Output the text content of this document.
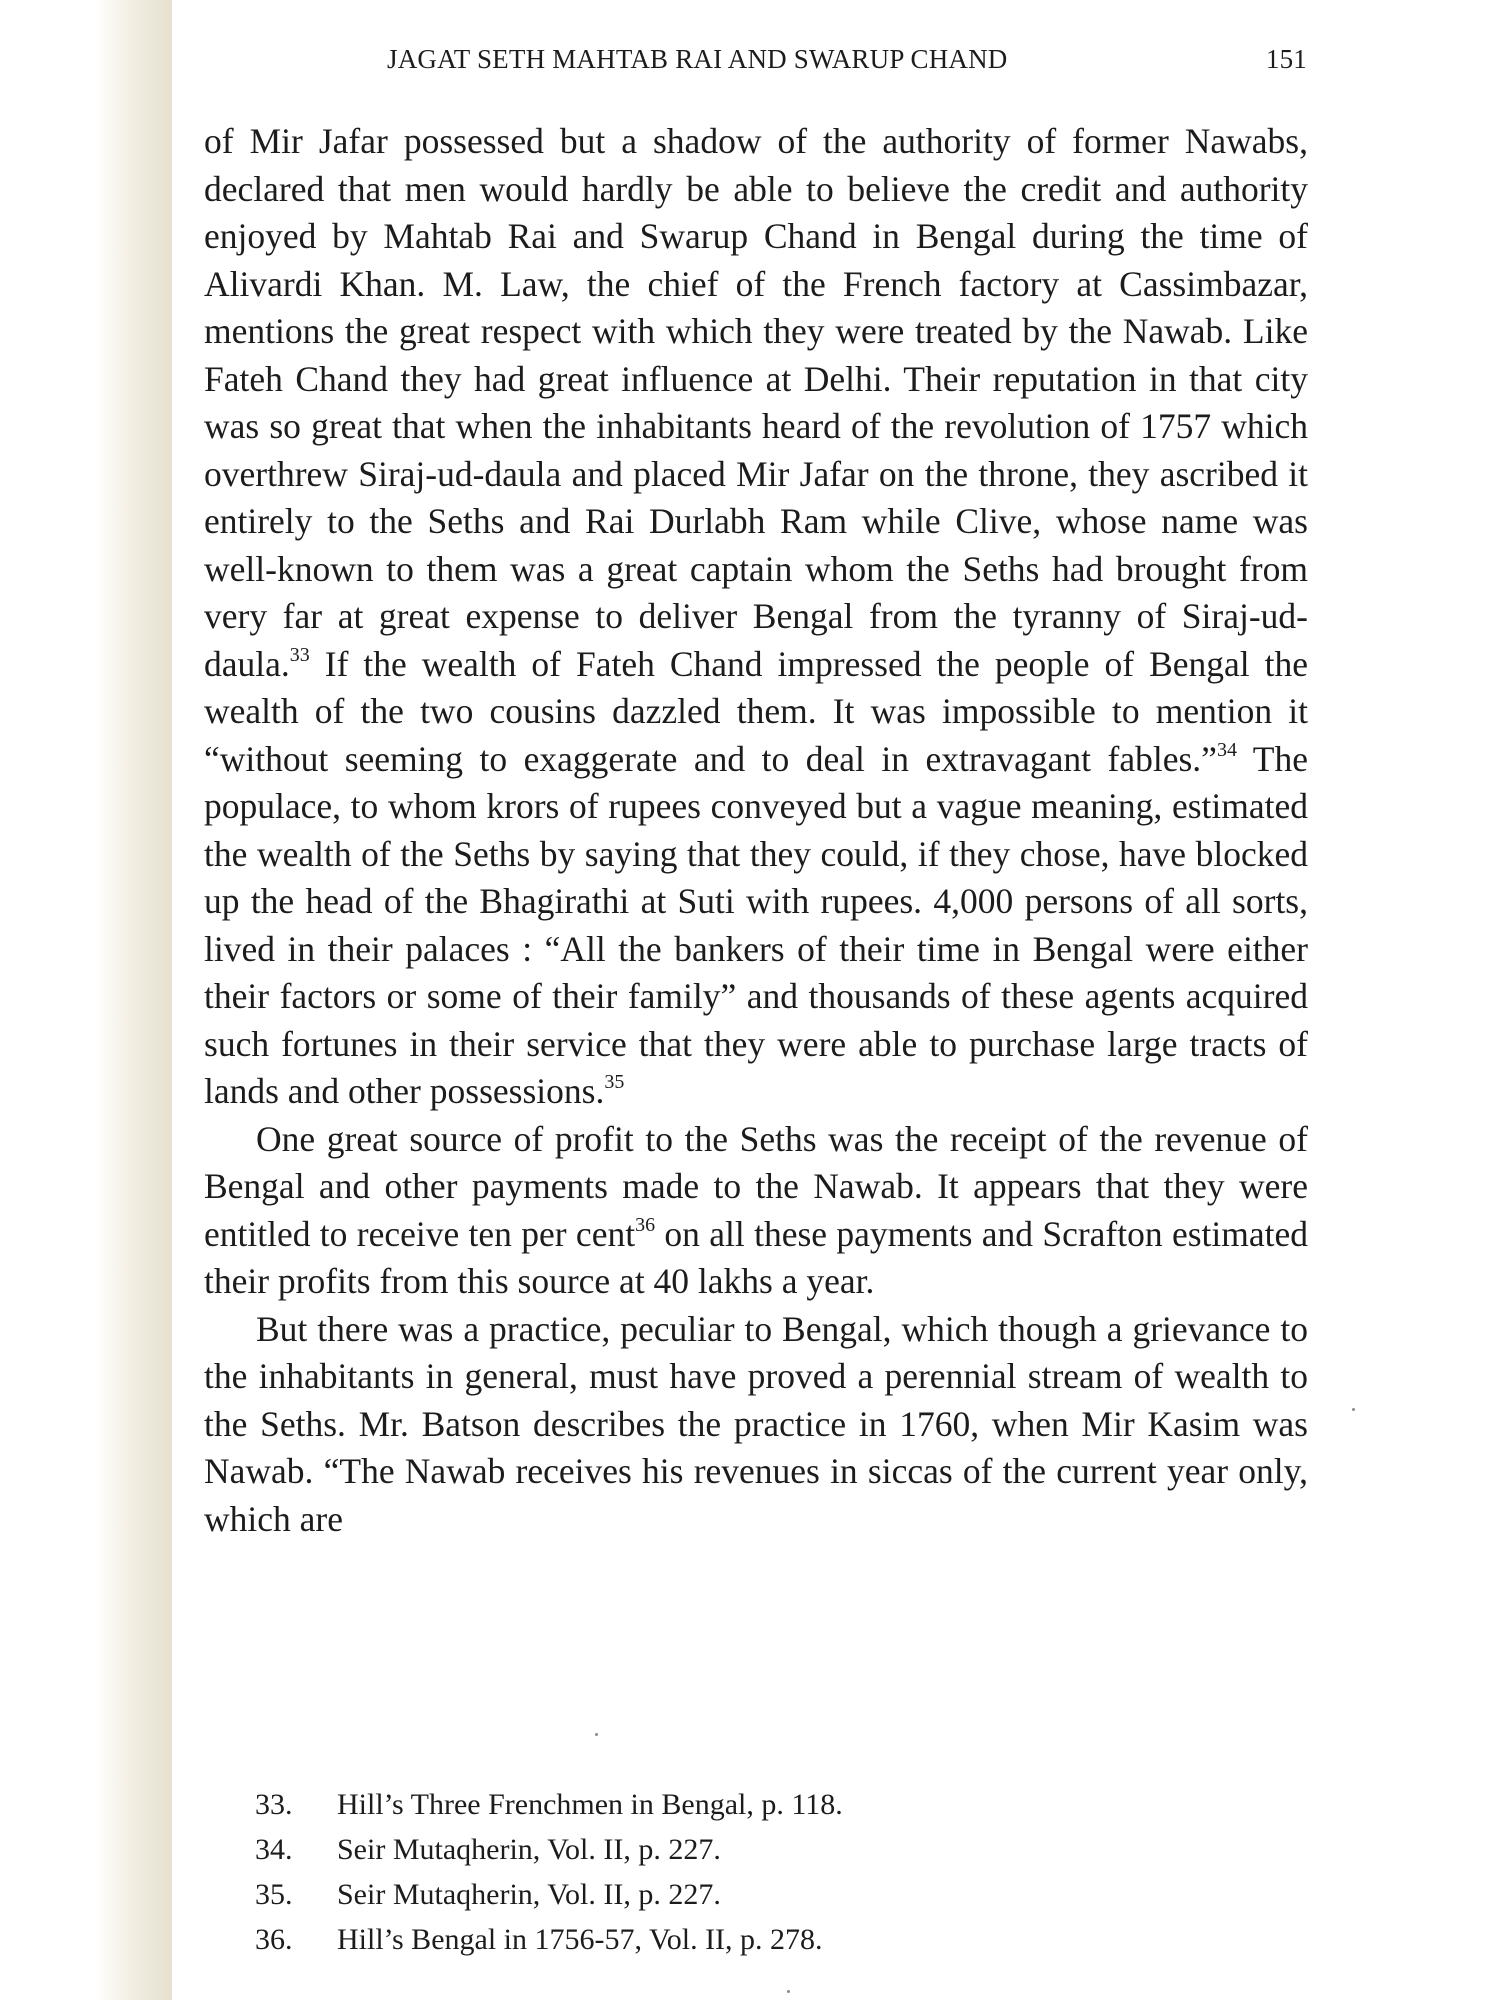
JAGAT SETH MAHTAB RAI AND SWARUP CHAND	151

of Mir Jafar possessed but a shadow of the authority of former Nawabs, declared that men would hardly be able to believe the credit and authority enjoyed by Mahtab Rai and Swarup Chand in Bengal during the time of Alivardi Khan. M. Law, the chief of the French factory at Cassimbazar, mentions the great respect with which they were treated by the Nawab. Like Fateh Chand they had great influence at Delhi. Their reputation in that city was so great that when the inhabitants heard of the revolution of 1757 which overthrew Siraj-ud-daula and placed Mir Jafar on the throne, they ascribed it entirely to the Seths and Rai Durlabh Ram while Clive, whose name was well-known to them was a great captain whom the Seths had brought from very far at great expense to deliver Bengal from the tyranny of Siraj-ud-daula.$^{33}$ If the wealth of Fateh Chand impressed the people of Bengal the wealth of the two cousins dazzled them. It was impossible to mention it “without seeming to exaggerate and to deal in extravagant fables.”$^{34}$ The populace, to whom krors of rupees conveyed but a vague meaning, estimated the wealth of the Seths by saying that they could, if they chose, have blocked up the head of the Bhagirathi at Suti with rupees. 4,000 persons of all sorts, lived in their palaces : “All the bankers of their time in Bengal were either their factors or some of their family” and thousands of these agents acquired such fortunes in their service that they were able to purchase large tracts of lands and other possessions.$^{35}$

One great source of profit to the Seths was the receipt of the revenue of Bengal and other payments made to the Nawab. It appears that they were entitled to receive ten per cent$^{36}$ on all these payments and Scrafton estimated their profits from this source at 40 lakhs a year.

But there was a practice, peculiar to Bengal, which though a grievance to the inhabitants in general, must have proved a perennial stream of wealth to the Seths. Mr. Batson describes the practice in 1760, when Mir Kasim was Nawab. “The Nawab receives his revenues in siccas of the current year only, which are

33.	Hill’s Three Frenchmen in Bengal, p. 118.
34.	Seir Mutaqherin, Vol. II, p. 227.
35.	Seir Mutaqherin, Vol. II, p. 227.
36.	Hill’s Bengal in 1756-57, Vol. II, p. 278.
